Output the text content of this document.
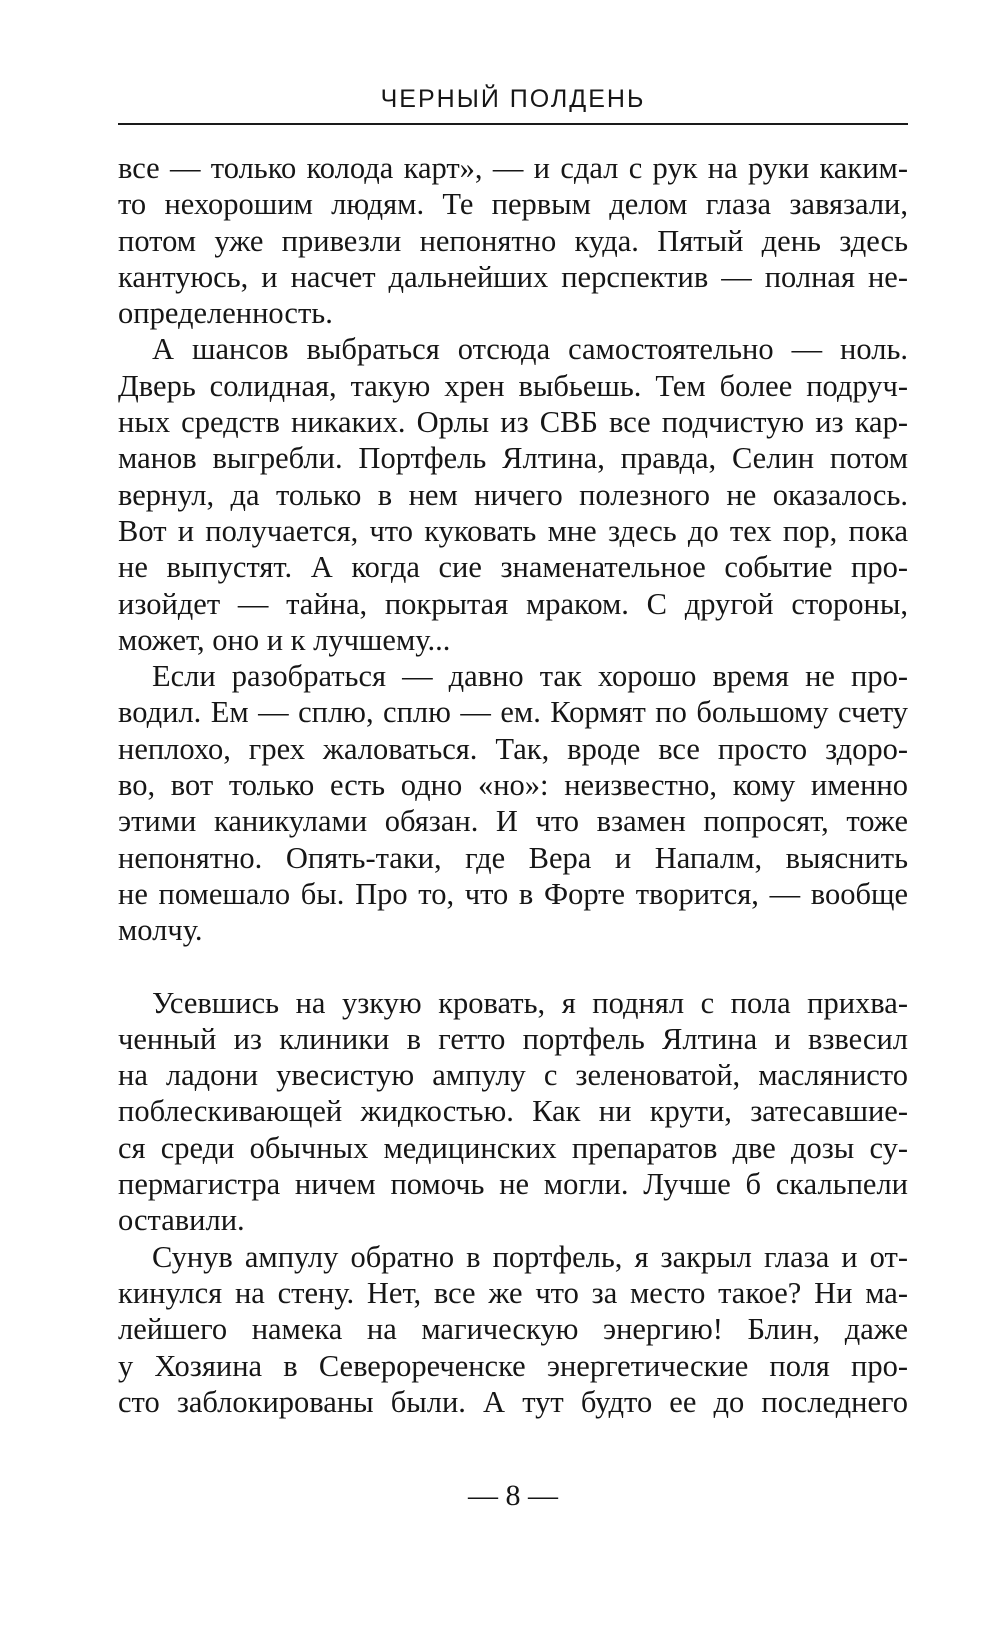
ЧЕРНЫЙ ПОЛДЕНЬ
все — только колода карт», — и сдал с рук на руки каким-
то нехорошим людям. Те первым делом глаза завязали,
потом уже привезли непонятно куда. Пятый день здесь
кантуюсь, и насчет дальнейших перспектив — полная не-
определенность.
А шансов выбраться отсюда самостоятельно — ноль.
Дверь солидная, такую хрен выбьешь. Тем более подруч-
ных средств никаких. Орлы из СВБ все подчистую из кар-
манов выгребли. Портфель Ялтина, правда, Селин потом
вернул, да только в нем ничего полезного не оказалось.
Вот и получается, что куковать мне здесь до тех пор, пока
не выпустят. А когда сие знаменательное событие про-
изойдет — тайна, покрытая мраком. С другой стороны,
может, оно и к лучшему...
Если разобраться — давно так хорошо время не про-
водил. Ем — сплю, сплю — ем. Кормят по большому счету
неплохо, грех жаловаться. Так, вроде все просто здоро-
во, вот только есть одно «но»: неизвестно, кому именно
этими каникулами обязан. И что взамен попросят, тоже
непонятно. Опять-таки, где Вера и Напалм, выяснить
не помешало бы. Про то, что в Форте творится, — вообще
молчу.
Усевшись на узкую кровать, я поднял с пола прихва-
ченный из клиники в гетто портфель Ялтина и взвесил
на ладони увесистую ампулу с зеленоватой, маслянисто
поблескивающей жидкостью. Как ни крути, затесавшие-
ся среди обычных медицинских препаратов две дозы су-
пермагистра ничем помочь не могли. Лучше б скальпели
оставили.
Сунув ампулу обратно в портфель, я закрыл глаза и от-
кинулся на стену. Нет, все же что за место такое? Ни ма-
лейшего намека на магическую энергию! Блин, даже
у Хозяина в Северореченске энергетические поля про-
сто заблокированы были. А тут будто ее до последнего
— 8 —
